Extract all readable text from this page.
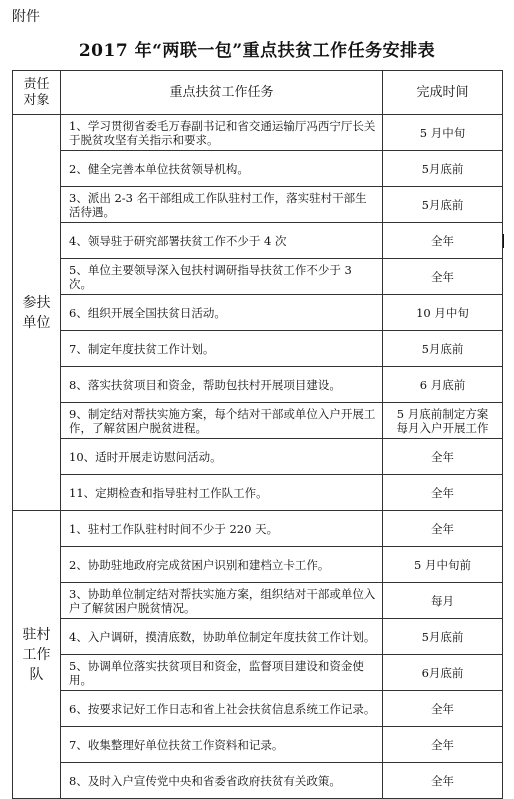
附件
2017 年“两联一包”重点扶贫工作任务安排表
责任
对象	重点扶贫工作任务	完成时间
参扶
单位	1、学习贯彻省委毛万春副书记和省交通运输厅冯西宁厅长关于脱贫攻坚有关指示和要求。	5 月中旬
	2、健全完善本单位扶贫领导机构。	5月底前
	3、派出 2-3 名干部组成工作队驻村工作，落实驻村干部生活待遇。	5月底前
	4、领导驻于研究部署扶贫工作不少于 4 次	全年
	5、单位主要领导深入包扶村调研指导扶贫工作不少于 3 次。	全年
	6、组织开展全国扶贫日活动。	10 月中旬
	7、制定年度扶贫工作计划。	5月底前
	8、落实扶贫项目和资金，帮助包扶村开展项目建设。	6 月底前
	9、制定结对帮扶实施方案，每个结对干部或单位入户开展工作，了解贫困户脱贫进程。	5 月底前制定方案
每月入户开展工作
	10、适时开展走访慰问活动。	全年
	11、定期检查和指导驻村工作队工作。	全年
驻村
工作
队	1、驻村工作队驻村时间不少于 220 天。	全年
	2、协助驻地政府完成贫困户识别和建档立卡工作。	5 月中旬前
	3、协助单位制定结对帮扶实施方案，组织结对干部或单位入户了解贫困户脱贫情况。	每月
	4、入户调研，摸清底数，协助单位制定年度扶贫工作计划。	5月底前
	5、协调单位落实扶贫项目和资金，监督项目建设和资金使用。	6月底前
	6、按要求记好工作日志和省上社会扶贫信息系统工作记录。	全年
	7、收集整理好单位扶贫工作资料和记录。	全年
	8、及时入户宣传党中央和省委省政府扶贫有关政策。	全年
